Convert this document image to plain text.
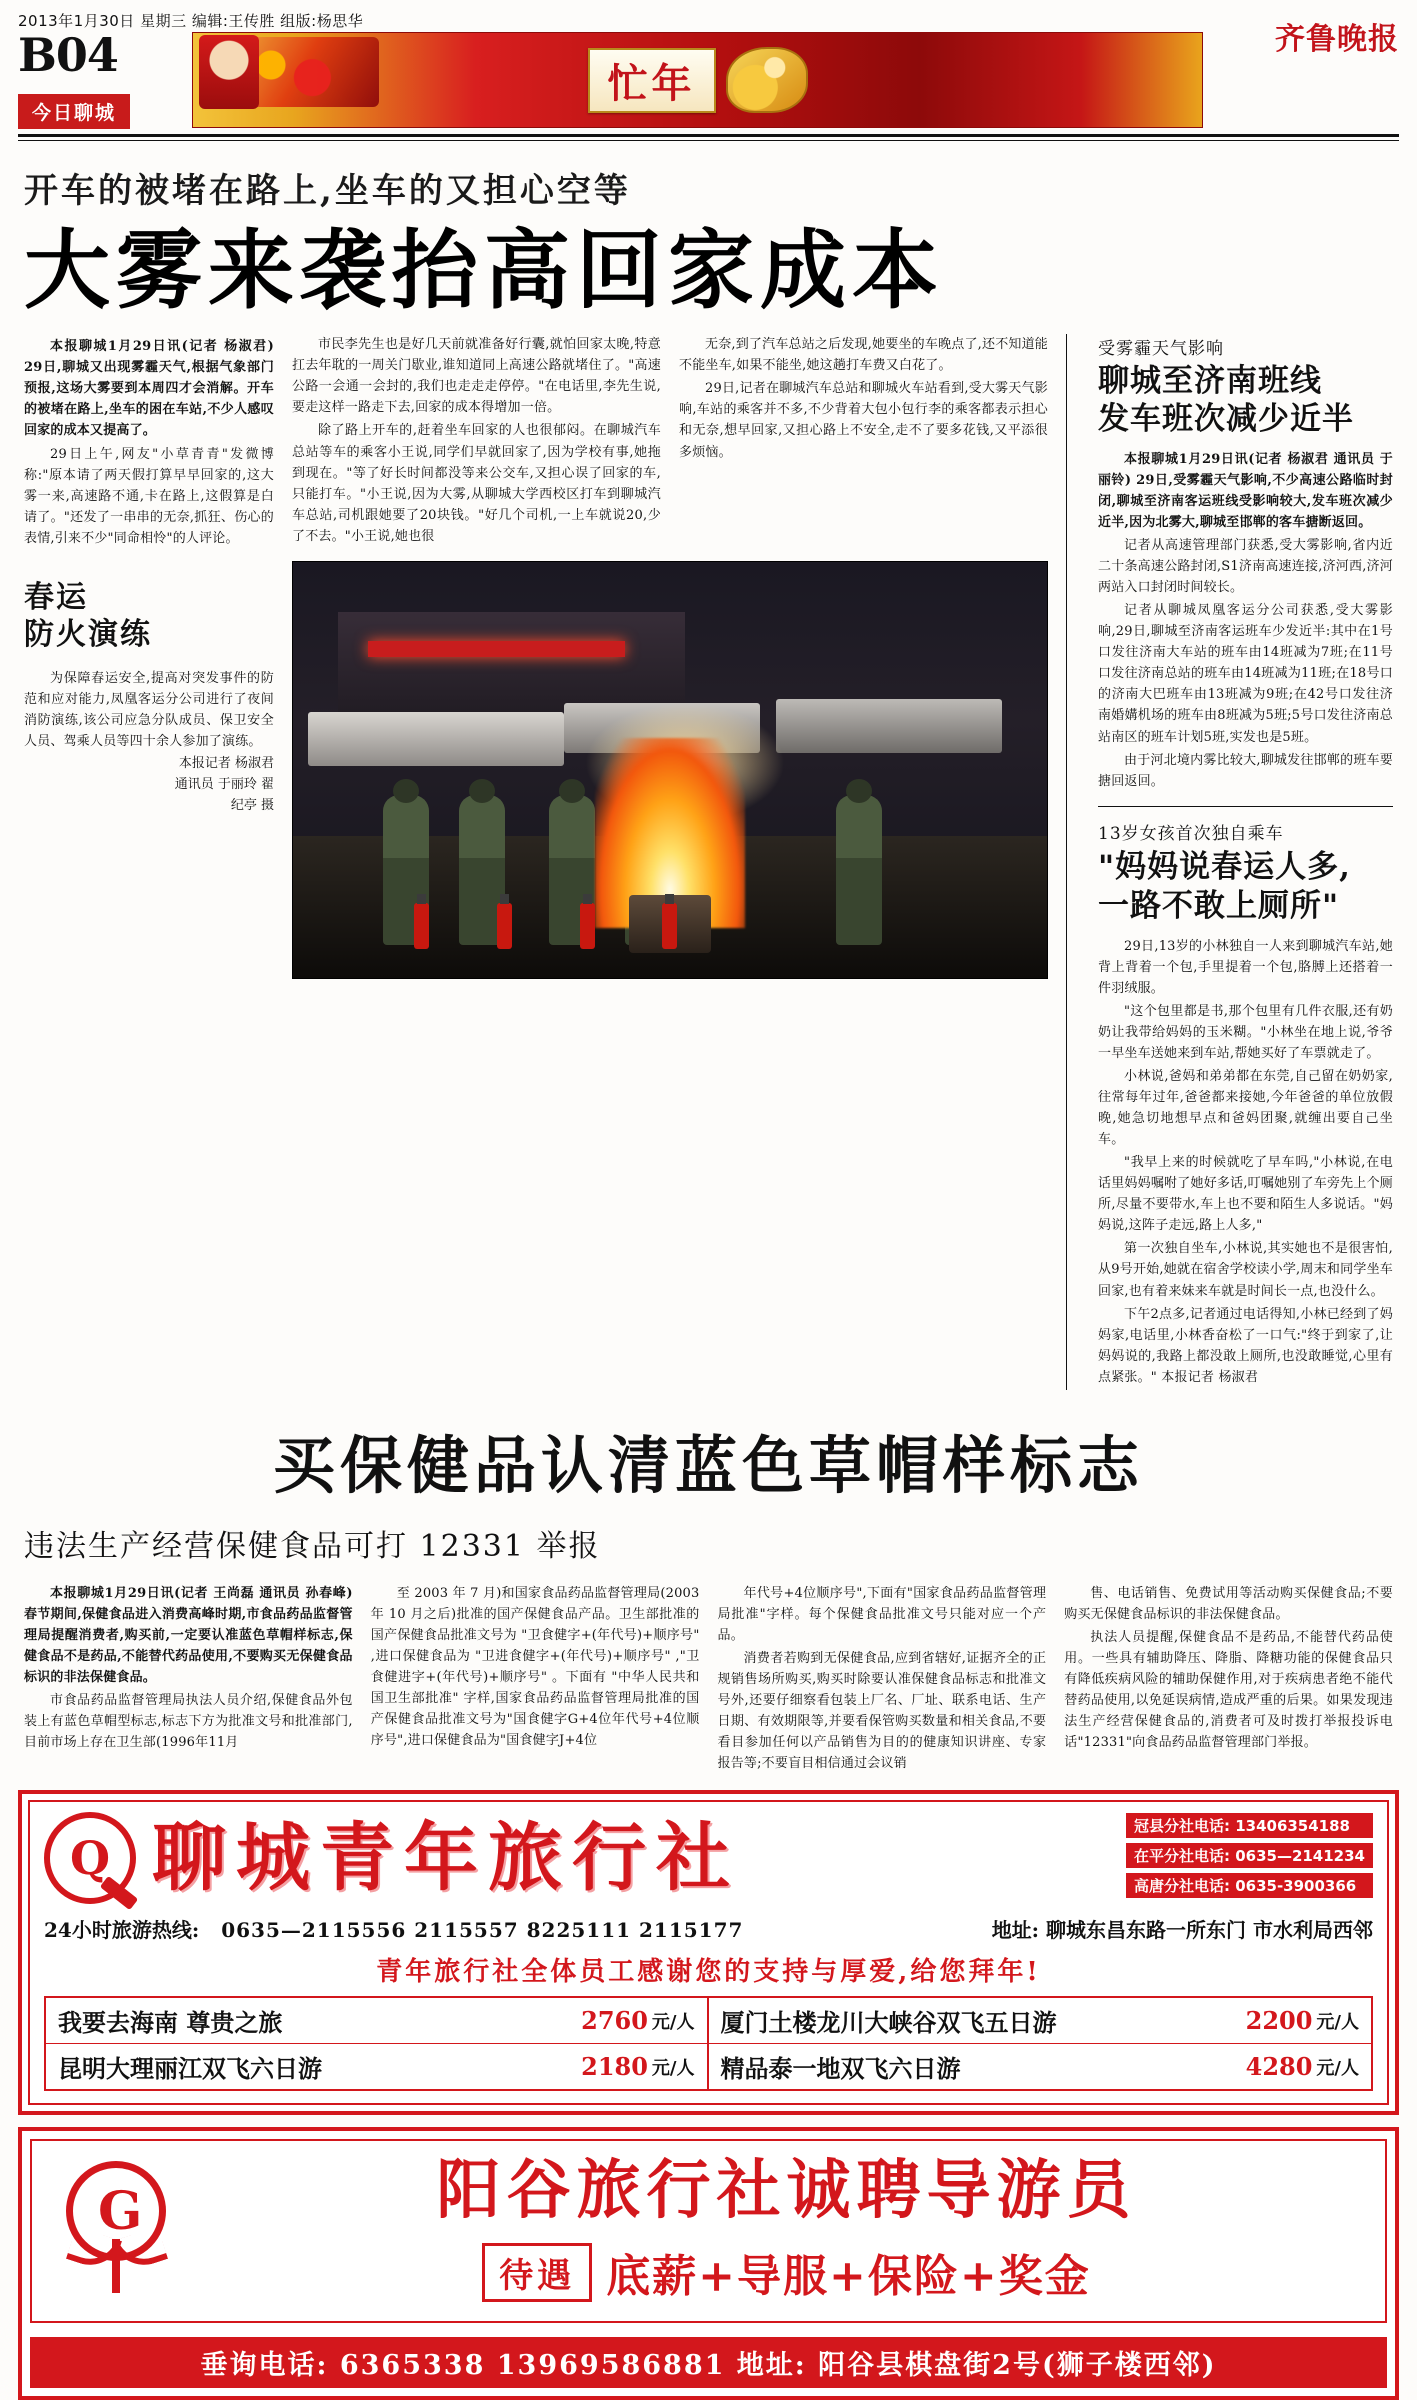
2013年1月30日 星期三 编辑:王传胜 组版:杨思华
B04
今日聊城
忙年
齐鲁晚报
开车的被堵在路上,坐车的又担心空等
大雾来袭抬高回家成本

本报聊城1月29日讯(记者 杨淑君) 29日,聊城又出现雾霾天气,根据气象部门预报,这场大雾要到本周四才会消解。开车的被堵在路上,坐车的困在车站,不少人感叹回家的成本又提高了。

29日上午,网友"小草青青"发微博称:"原本请了两天假打算早早回家的,这大雾一来,高速路不通,卡在路上,这假算是白请了。"还发了一串串的无奈,抓狂、伤心的表情,引来不少"同命相怜"的人评论。

春运
防火演练

为保障春运安全,提高对突发事件的防范和应对能力,凤凰客运分公司进行了夜间消防演练,该公司应急分队成员、保卫安全人员、驾乘人员等四十余人参加了演练。

本报记者 杨淑君
通讯员 于丽玲 翟
纪亭 摄

市民李先生也是好几天前就准备好行囊,就怕回家太晚,特意扛去年耽的一周关门歇业,谁知道同上高速公路就堵住了。"高速公路一会通一会封的,我们也走走走停停。"在电话里,李先生说,要走这样一路走下去,回家的成本得增加一倍。

除了路上开车的,赶着坐车回家的人也很郁闷。在聊城汽车总站等车的乘客小王说,同学们早就回家了,因为学校有事,她拖到现在。"等了好长时间都没等来公交车,又担心误了回家的车,只能打车。"小王说,因为大雾,从聊城大学西校区打车到聊城汽车总站,司机跟她要了20块钱。"好几个司机,一上车就说20,少了不去。"小王说,她也很

无奈,到了汽车总站之后发现,她要坐的车晚点了,还不知道能不能坐车,如果不能坐,她这趟打车费又白花了。

29日,记者在聊城汽车总站和聊城火车站看到,受大雾天气影响,车站的乘客并不多,不少背着大包小包行李的乘客都表示担心和无奈,想早回家,又担心路上不安全,走不了要多花钱,又平添很多烦恼。

受雾霾天气影响
聊城至济南班线
发车班次减少近半

本报聊城1月29日讯(记者 杨淑君 通讯员 于丽铃) 29日,受雾霾天气影响,不少高速公路临时封闭,聊城至济南客运班线受影响较大,发车班次减少近半,因为北雾大,聊城至邯郸的客车搪断返回。

记者从高速管理部门获悉,受大雾影响,省内近二十条高速公路封闭,S1济南高速连接,济河西,济河两站入口封闭时间较长。

记者从聊城凤凰客运分公司获悉,受大雾影响,29日,聊城至济南客运班车少发近半:其中在1号口发往济南大车站的班车由14班减为7班;在11号口发往济南总站的班车由14班减为11班;在18号口的济南大巴班车由13班减为9班;在42号口发往济南婚媾机场的班车由8班减为5班;5号口发往济南总站南区的班车计划5班,实发也是5班。

由于河北境内雾比较大,聊城发往邯郸的班车要搪回返回。

13岁女孩首次独自乘车
"妈妈说春运人多,
一路不敢上厕所"

29日,13岁的小林独自一人来到聊城汽车站,她背上背着一个包,手里提着一个包,胳膊上还搭着一件羽绒服。

"这个包里都是书,那个包里有几件衣服,还有奶奶让我带给妈妈的玉米糊。"小林坐在地上说,爷爷一早坐车送她来到车站,帮她买好了车票就走了。

小林说,爸妈和弟弟都在东莞,自己留在奶奶家,往常每年过年,爸爸都来接她,今年爸爸的单位放假晚,她急切地想早点和爸妈团聚,就缠出要自己坐车。

"我早上来的时候就吃了早车吗,"小林说,在电话里妈妈嘱咐了她好多话,叮嘱她别了车旁先上个厕所,尽量不要带水,车上也不要和陌生人多说话。"妈妈说,这阵子走远,路上人多,"

第一次独自坐车,小林说,其实她也不是很害怕,从9号开始,她就在宿舍学校读小学,周末和同学坐车回家,也有着来妹来车就是时间长一点,也没什么。

下午2点多,记者通过电话得知,小林已经到了妈妈家,电话里,小林香奋松了一口气:"终于到家了,让妈妈说的,我路上都没敢上厕所,也没敢睡觉,心里有点紧张。" 本报记者 杨淑君

买保健品认清蓝色草帽样标志
违法生产经营保健食品可打 12331 举报

本报聊城1月29日讯(记者 王尚磊 通讯员 孙春峰) 春节期间,保健食品进入消费高峰时期,市食品药品监督管理局提醒消费者,购买前,一定要认准蓝色草帽样标志,保健食品不是药品,不能替代药品使用,不要购买无保健食品标识的非法保健食品。

市食品药品监督管理局执法人员介绍,保健食品外包装上有蓝色草帽型标志,标志下方为批准文号和批准部门,目前市场上存在卫生部(1996年11月

至 2003 年 7 月)和国家食品药品监督管理局(2003 年 10 月之后)批准的国产保健食品产品。卫生部批准的国产保健食品批准文号为 "卫食健字+(年代号)+顺序号" ,进口保健食品为 "卫进食健字+(年代号)+顺序号" ,"卫食健进字+(年代号)+顺序号" 。下面有 "中华人民共和国卫生部批准" 字样,国家食品药品监督管理局批准的国产保健食品批准文号为"国食健字G+4位年代号+4位顺序号",进口保健食品为"国食健字J+4位

年代号+4位顺序号",下面有"国家食品药品监督管理局批准"字样。每个保健食品批准文号只能对应一个产品。

消费者若购到无保健食品,应到省辖好,证据齐全的正规销售场所购买,购买时除要认准保健食品标志和批准文号外,还要仔细察看包装上厂名、厂址、联系电话、生产日期、有效期限等,并要看保管购买数量和相关食品,不要看目参加任何以产品销售为目的的健康知识讲座、专家报告等;不要盲目相信通过会议销

售、电话销售、免费试用等活动购买保健食品;不要购买无保健食品标识的非法保健食品。

执法人员提醒,保健食品不是药品,不能替代药品使用。一些具有辅助降压、降脂、降糖功能的保健食品只有降低疾病风险的辅助保健作用,对于疾病患者绝不能代替药品使用,以免延误病情,造成严重的后果。如果发现违法生产经营保健食品的,消费者可及时拨打举报投诉电话"12331"向食品药品监督管理部门举报。

Q 聊城青年旅行社	冠县分社电话: 13406354188
在平分社电话: 0635—2141234
高唐分社电话: 0635-3900366
24小时旅游热线: 0635—2115556 2115557 8225111 2115177	地址: 聊城东昌东路一所东门 市水利局西邻
青年旅行社全体员工感谢您的支持与厚爱,给您拜年!
我要去海南 尊贵之旅	2760 元/人 厦门土楼龙川大峡谷双飞五日游	2200 元/人
昆明大理丽江双飞六日游	2180 元/人 精品泰一地双飞六日游	4280 元/人
G	阳谷旅行社诚聘导游员
待遇 底薪+导服+保险+奖金
垂询电话: 6365338 13969586881 地址: 阳谷县棋盘街2号(狮子楼西邻)
